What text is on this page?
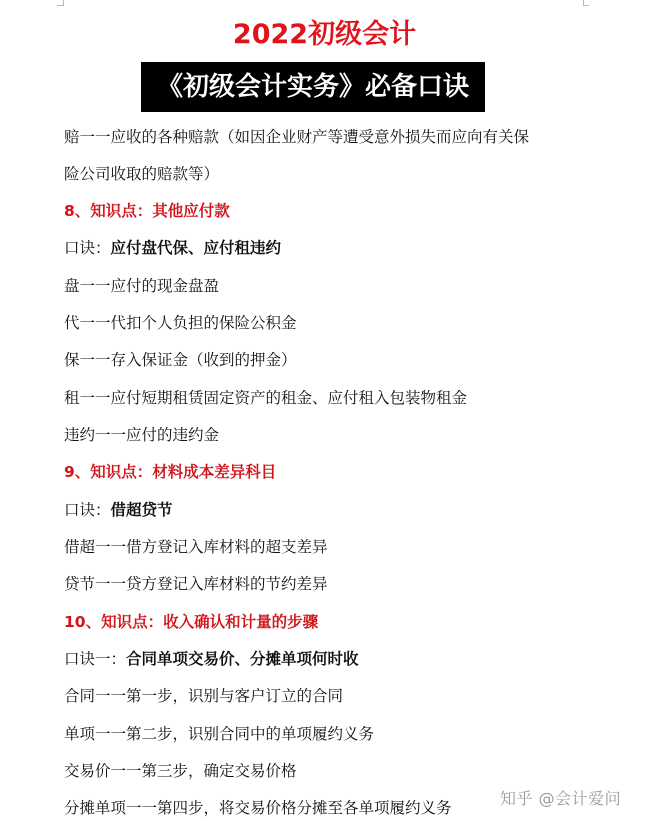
2022初级会计
《初级会计实务》必备口诀
赔一一应收的各种赔款（如因企业财产等遭受意外损失而应向有关保
险公司收取的赔款等）
8、知识点：其他应付款
口诀：应付盘代保、应付租违约
盘一一应付的现金盘盈
代一一代扣个人负担的保险公积金
保一一存入保证金（收到的押金）
租一一应付短期租赁固定资产的租金、应付租入包装物租金
违约一一应付的违约金
9、知识点：材料成本差异科目
口诀：借超贷节
借超一一借方登记入库材料的超支差异
贷节一一贷方登记入库材料的节约差异
10、知识点：收入确认和计量的步骤
口诀一：合同单项交易价、分摊单项何时收
合同一一第一步，识别与客户订立的合同
单项一一第二步，识别合同中的单项履约义务
交易价一一第三步，确定交易价格
分摊单项一一第四步，将交易价格分摊至各单项履约义务	知乎 @会计爱问
